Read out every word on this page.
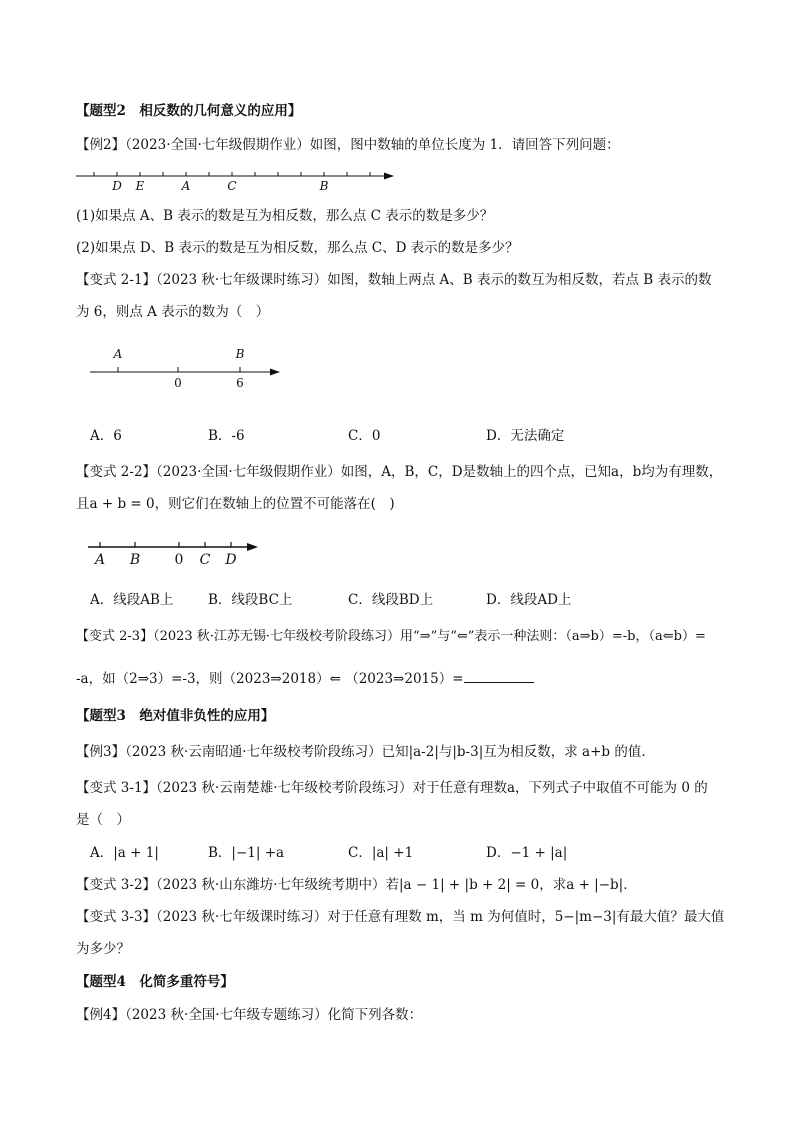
【题型2　相反数的几何意义的应用】
【例2】（2023·全国·七年级假期作业）如图，图中数轴的单位长度为 1．请回答下列问题：
D E	A	C	B
(1)如果点 A、B 表示的数是互为相反数，那么点 C 表示的数是多少？
(2)如果点 D、B 表示的数是互为相反数，那么点 C、D 表示的数是多少？
【变式 2-1】（2023 秋·七年级课时练习）如图，数轴上两点 A、B 表示的数互为相反数，若点 B 表示的数
为 6，则点 A 表示的数为（　）
A	B
0	6
A．6	B．-6	C．0	D．无法确定
【变式 2-2】（2023·全国·七年级假期作业）如图，A，B，C，D是数轴上的四个点，已知a，b均为有理数，
且a + b = 0，则它们在数轴上的位置不可能落在(　)
A B 0 C D
A．线段AB上	B．线段BC上	C．线段BD上	D．线段AD上
【变式 2-3】（2023 秋·江苏无锡·七年级校考阶段练习）用“⇒”与“⇐”表示一种法则：（a⇒b）=-b，（a⇐b）=
-a，如（2⇒3）=-3，则（2023⇒2018）⇐ （2023⇒2015）=
【题型3　绝对值非负性的应用】
【例3】（2023 秋·云南昭通·七年级校考阶段练习）已知|a-2|与|b-3|互为相反数，求 a+b 的值.
【变式 3-1】（2023 秋·云南楚雄·七年级校考阶段练习）对于任意有理数a，下列式子中取值不可能为 0 的
是（　）
A．|a + 1|	B．|−1| +a	C．|a| +1	D．−1 + |a|
【变式 3-2】（2023 秋·山东潍坊·七年级统考期中）若|a − 1| + |b + 2| = 0，求a + |−b|．
【变式 3-3】（2023 秋·七年级课时练习）对于任意有理数 m，当 m 为何值时，5−|m−3|有最大值？最大值
为多少？
【题型4　化简多重符号】
【例4】（2023 秋·全国·七年级专题练习）化简下列各数：
